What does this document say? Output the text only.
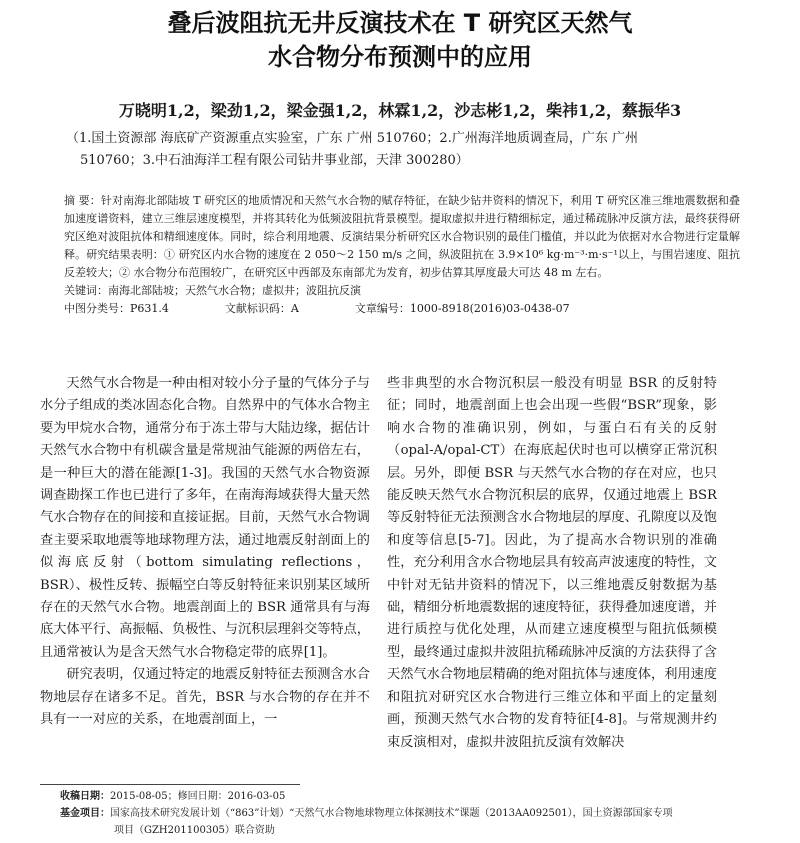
叠后波阻抗无井反演技术在 T 研究区天然气
水合物分布预测中的应用
万晓明1,2，梁劲1,2，梁金强1,2，林霖1,2，沙志彬1,2，柴祎1,2，蔡振华3
（1.国土资源部 海底矿产资源重点实验室，广东 广州 510760；2.广州海洋地质调查局，广东 广州
510760；3.中石油海洋工程有限公司钻井事业部，天津 300280）
摘 要：针对南海北部陆坡 T 研究区的地质情况和天然气水合物的赋存特征，在缺少钻井资料的情况下，利用 T 研究区准三维地震数据和叠加速度谱资料，建立三维层速度模型，并将其转化为低频波阻抗背景模型。提取虚拟井进行精细标定，通过稀疏脉冲反演方法，最终获得研究区绝对波阻抗体和精细速度体。同时，综合利用地震、反演结果分析研究区水合物识别的最佳门槛值，并以此为依据对水合物进行定量解释。研究结果表明：① 研究区内水合物的速度在 2 050～2 150 m/s 之间，纵波阻抗在 3.9×10⁶ kg·m⁻³·m·s⁻¹以上，与围岩速度、阻抗反差较大；② 水合物分布范围较广，在研究区中西部及东南部尤为发育，初步估算其厚度最大可达 48 m 左右。
关键词：南海北部陆坡；天然气水合物；虚拟井；波阻抗反演
中图分类号：P631.4	文献标识码：A	文章编号：1000-8918(2016)03-0438-07

天然气水合物是一种由相对较小分子量的气体分子与水分子组成的类冰固态化合物。自然界中的气体水合物主要为甲烷水合物，通常分布于冻土带与大陆边缘，据估计天然气水合物中有机碳含量是常规油气能源的两倍左右，是一种巨大的潜在能源[1-3]。我国的天然气水合物资源调查勘探工作也已进行了多年，在南海海域获得大量天然气水合物存在的间接和直接证据。目前，天然气水合物调查主要采取地震等地球物理方法，通过地震反射剖面上的似海底反射（bottom simulating reflections，BSR）、极性反转、振幅空白等反射特征来识别某区域所存在的天然气水合物。地震剖面上的 BSR 通常具有与海底大体平行、高振幅、负极性、与沉积层理斜交等特点，且通常被认为是含天然气水合物稳定带的底界[1]。

研究表明，仅通过特定的地震反射特征去预测含水合物地层存在诸多不足。首先，BSR 与水合物的存在并不具有一一对应的关系，在地震剖面上，一

些非典型的水合物沉积层一般没有明显 BSR 的反射特征；同时，地震剖面上也会出现一些假“BSR”现象，影响水合物的准确识别，例如，与蛋白石有关的反射（opal-A/opal-CT）在海底起伏时也可以横穿正常沉积层。另外，即便 BSR 与天然气水合物的存在对应，也只能反映天然气水合物沉积层的底界，仅通过地震上 BSR 等反射特征无法预测含水合物地层的厚度、孔隙度以及饱和度等信息[5-7]。因此，为了提高水合物识别的准确性，充分利用含水合物地层具有较高声波速度的特性，文中针对无钻井资料的情况下，以三维地震反射数据为基础，精细分析地震数据的速度特征，获得叠加速度谱，并进行质控与优化处理，从而建立速度模型与阻抗低频模型，最终通过虚拟井波阻抗稀疏脉冲反演的方法获得了含天然气水合物地层精确的绝对阻抗体与速度体，利用速度和阻抗对研究区水合物进行三维立体和平面上的定量刻画，预测天然气水合物的发育特征[4-8]。与常规测井约束反演相对，虚拟井波阻抗反演有效解决

收稿日期：2015-08-05；修回日期：2016-03-05
基金项目：国家高技术研究发展计划（“863”计划）“天然气水合物地球物理立体探测技术”课题（2013AA092501），国土资源部国家专项
项目（GZH201100305）联合资助
